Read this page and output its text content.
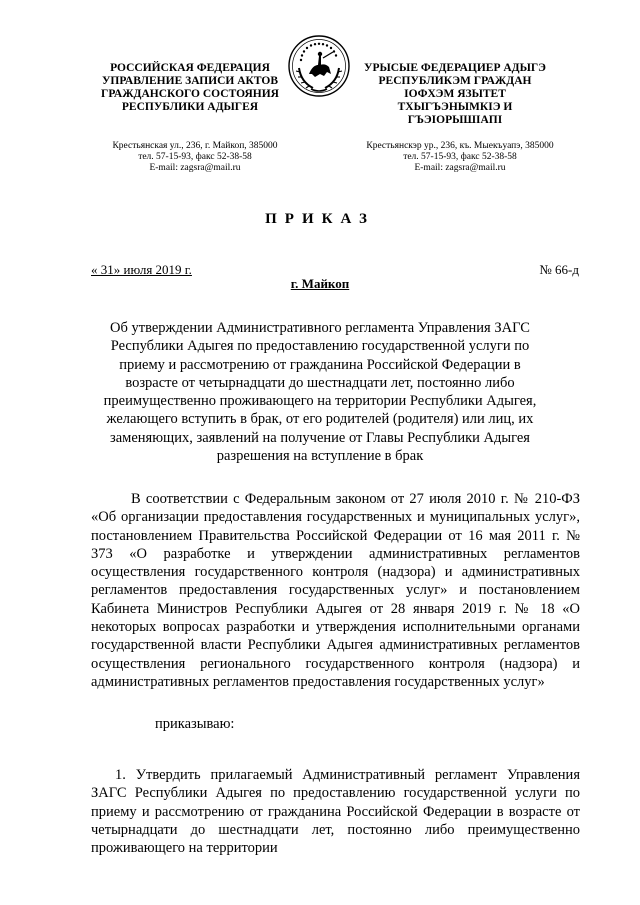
РОССИЙСКАЯ ФЕДЕРАЦИЯ УПРАВЛЕНИЕ ЗАПИСИ АКТОВ ГРАЖДАНСКОГО СОСТОЯНИЯ РЕСПУБЛИКИ АДЫГЕЯ
УРЫСЫЕ ФЕДЕРАЦИЕР АДЫГЭ РЕСПУБЛИКЭМ ГРАЖДАН IОФХЭМ ЯЗЫТЕТ ТХЫГЪЭНЫМКIЭ И ГЪЭIОРЫШIAПI
Крестьянская ул., 236, г. Майкоп, 385000
тел. 57-15-93, факс 52-38-58
E-mail: zagsra@mail.ru
Крестьянскэр ур., 236, къ. Мыекъуапэ, 385000
тел. 57-15-93, факс 52-38-58
E-mail: zagsra@mail.ru
ПРИКАЗ
« 31» июля 2019 г.	№ 66-д
г. Майкоп
Об утверждении Административного регламента Управления ЗАГС Республики Адыгея по предоставлению государственной услуги по приему и рассмотрению от гражданина Российской Федерации в возрасте от четырнадцати до шестнадцати лет, постоянно либо преимущественно проживающего на территории Республики Адыгея, желающего вступить в брак, от его родителей (родителя) или лиц, их заменяющих, заявлений на получение от Главы Республики Адыгея разрешения на вступление в брак
В соответствии с Федеральным законом от 27 июля 2010 г. № 210-ФЗ «Об организации предоставления государственных и муниципальных услуг», постановлением Правительства Российской Федерации от 16 мая 2011 г. № 373 «О разработке и утверждении административных регламентов осуществления государственного контроля (надзора) и административных регламентов предоставления государственных услуг» и постановлением Кабинета Министров Республики Адыгея от 28 января 2019 г. № 18 «О некоторых вопросах разработки и утверждения исполнительными органами государственной власти Республики Адыгея административных регламентов осуществления регионального государственного контроля (надзора) и административных регламентов предоставления государственных услуг»
приказываю:
1. Утвердить прилагаемый Административный регламент Управления ЗАГС Республики Адыгея по предоставлению государственной услуги по приему и рассмотрению от гражданина Российской Федерации в возрасте от четырнадцати до шестнадцати лет, постоянно либо преимущественно проживающего на территории
